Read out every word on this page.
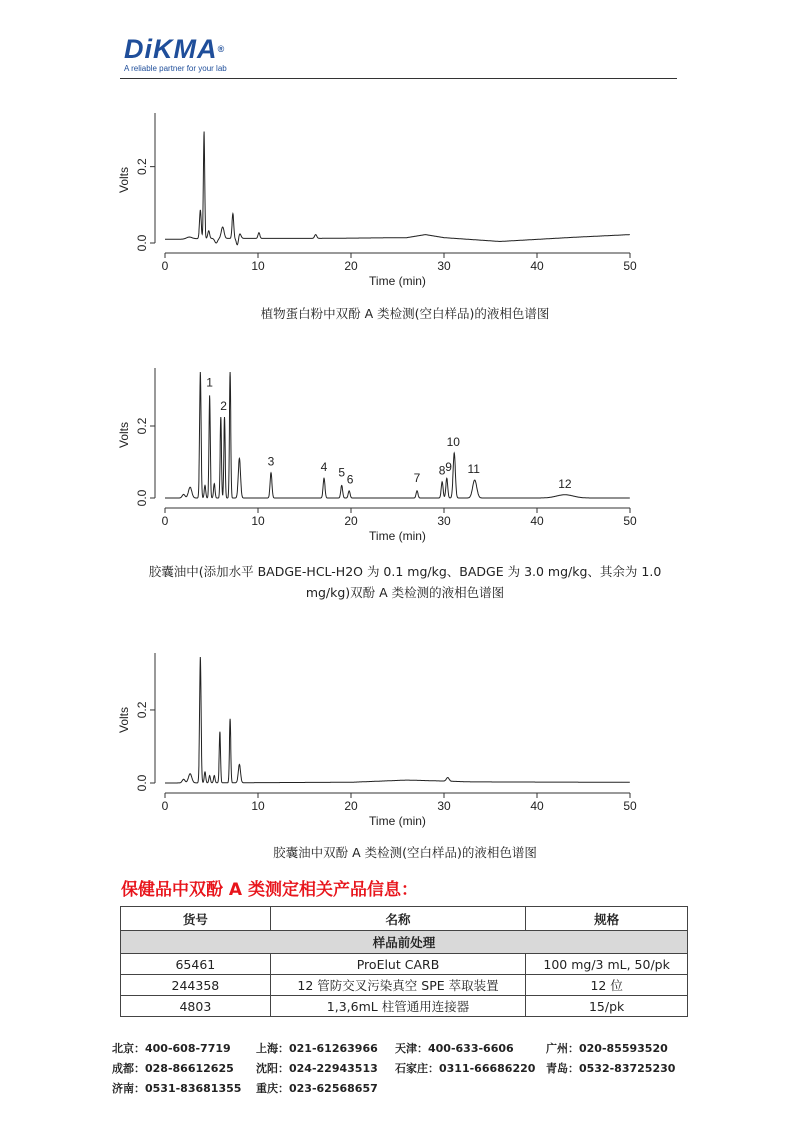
DiKMA®
A reliable partner for your lab
0	10	20	30	40	50
0.0
0.2
Time (min)
Volts
植物蛋白粉中双酚 A 类检测(空白样品)的液相色谱图
0	10	20	30	40	50
0.0
0.2
Time (min)
Volts
1
2
3	4 5
6	7
8 9
10
11
12
胶囊油中(添加水平 BADGE-HCL-H2O 为 0.1 mg/kg、BADGE 为 3.0 mg/kg、其余为 1.0
mg/kg)双酚 A 类检测的液相色谱图
0	10	20	30	40	50
0.0
0.2
Time (min)
Volts
胶囊油中双酚 A 类检测(空白样品)的液相色谱图
保健品中双酚 A 类测定相关产品信息：
货号	名称	规格
样品前处理		
65461	ProElut CARB	100 mg/3 mL, 50/pk
244358	12 管防交叉污染真空 SPE 萃取装置	12 位
4803	1,3,6mL 柱管通用连接器	15/pk
北京：400-608-7719 上海：021-61263966 天津：400-633-6606	广州：020-85593520
成都：028-86612625 沈阳：024-22943513 石家庄：0311-66686220 青岛：0532-83725230
济南：0531-83681355 重庆：023-62568657
